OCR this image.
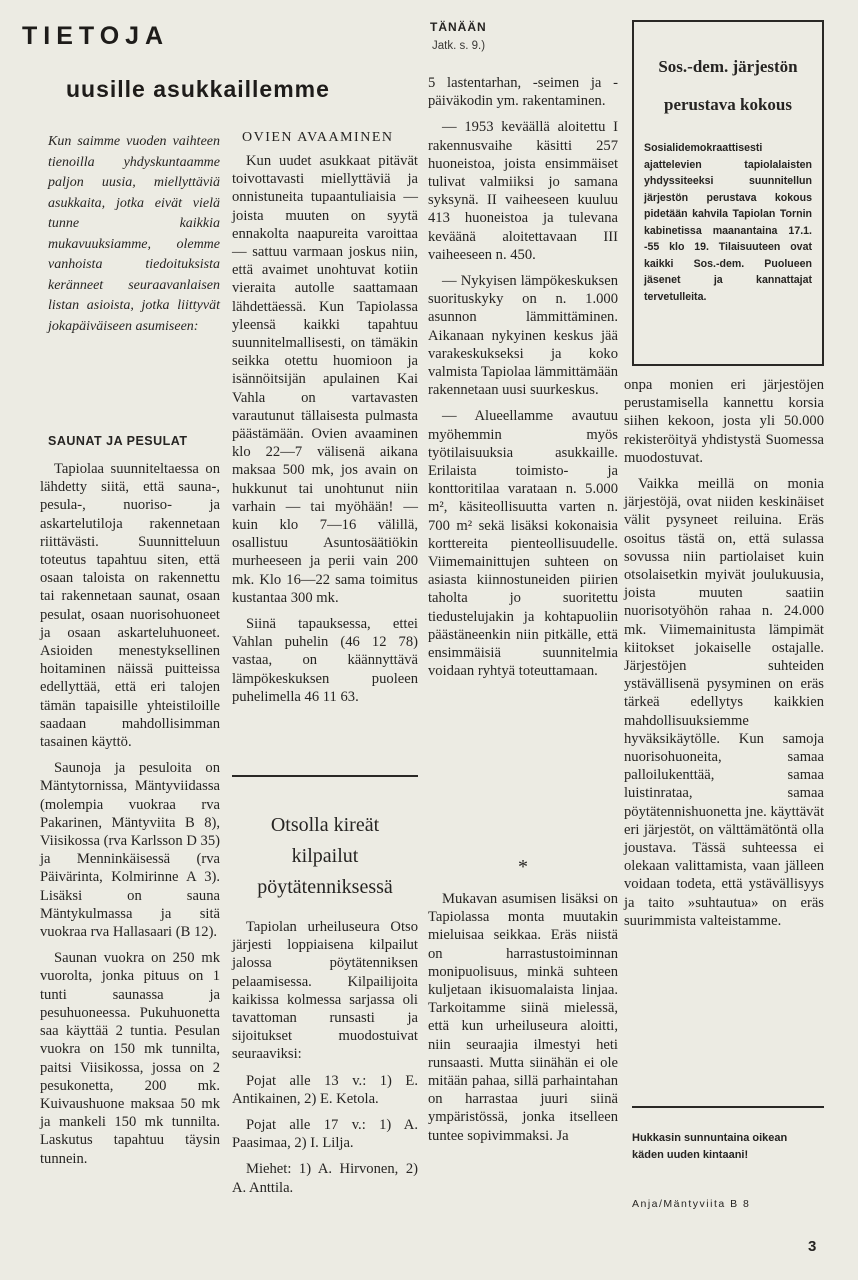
TIETOJA
uusille asukkaillemme

Kun saimme vuoden vaihteen tienoilla yhdyskuntaamme paljon uusia, miellyttäviä asukkaita, jotka eivät vielä tunne kaikkia mukavuuksiamme, olemme vanhoista tiedoituksista keränneet seuraavanlaisen listan asioista, jotka liittyvät jokapäiväiseen asumiseen:

SAUNAT JA PESULAT

Tapiolaa suunniteltaessa on lähdetty siitä, että sauna-, pesula-, nuoriso- ja askartelutiloja rakennetaan riittävästi. Suunnitteluun toteutus tapahtuu siten, että osaan taloista on rakennettu tai rakennetaan saunat, osaan pesulat, osaan nuorisohuoneet ja osaan askarteluhuoneet. Asioiden menestyksellinen hoitaminen näissä puitteissa edellyttää, että eri talojen tämän tapaisille yhteistiloille saadaan mahdollisimman tasainen käyttö.

Saunoja ja pesuloita on Mäntytornissa, Mäntyviidassa (molempia vuokraa rva Pakarinen, Mäntyviita B 8), Viisikossa (rva Karlsson D 35) ja Menninkäisessä (rva Päivärinta, Kolmirinne A 3). Lisäksi on sauna Mäntykulmassa ja sitä vuokraa rva Hallasaari (B 12).

Saunan vuokra on 250 mk vuorolta, jonka pituus on 1 tunti saunassa ja pesuhuoneessa. Pukuhuonetta saa käyttää 2 tuntia. Pesulan vuokra on 150 mk tunnilta, paitsi Viisikossa, jossa on 2 pesukonetta, 200 mk. Kuivaushuone maksaa 50 mk ja mankeli 150 mk tunnilta. Laskutus tapahtuu täysin tunnein.

OVIEN AVAAMINEN

Kun uudet asukkaat pitävät toivottavasti miellyttäviä ja onnistuneita tupaantuliaisia — joista muuten on syytä ennakolta naapureita varoittaa — sattuu varmaan joskus niin, että avaimet unohtuvat kotiin vieraita autolle saattamaan lähdettäessä. Kun Tapiolassa yleensä kaikki tapahtuu suunnitelmallisesti, on tämäkin seikka otettu huomioon ja isännöitsijän apulainen Kai Vahla on vartavasten varautunut tällaisesta pulmasta päästämään. Ovien avaaminen klo 22—7 välisenä aikana maksaa 500 mk, jos avain on hukkunut tai unohtunut niin varhain — tai myöhään! — kuin klo 7—16 välillä, osallistuu Asuntosäätiökin murheeseen ja perii vain 200 mk. Klo 16—22 sama toimitus kustantaa 300 mk.

Siinä tapauksessa, ettei Vahlan puhelin (46 12 78) vastaa, on käännyttävä lämpökeskuksen puoleen puhelimella 46 11 63.

Otsolla kireät
kilpailut
pöytätenniksessä

Tapiolan urheiluseura Otso järjesti loppiaisena kilpailut jalossa pöytätenniksen pelaamisessa. Kilpailijoita kaikissa kolmessa sarjassa oli tavattoman runsasti ja sijoitukset muodostuivat seuraaviksi:

Pojat alle 13 v.: 1) E. Antikainen, 2) E. Ketola.

Pojat alle 17 v.: 1) A. Paasimaa, 2) I. Lilja.

Miehet: 1) A. Hirvonen, 2) A. Anttila.

TÄNÄÄN
Jatk. s. 9.)

5 lastentarhan, -seimen ja -päiväkodin ym. rakentaminen.

— 1953 keväällä aloitettu I rakennusvaihe käsitti 257 huoneistoa, joista ensimmäiset tulivat valmiiksi jo samana syksynä. II vaiheeseen kuuluu 413 huoneistoa ja tulevana keväänä aloitettavaan III vaiheeseen n. 450.

— Nykyisen lämpökeskuksen suorituskyky on n. 1.000 asunnon lämmittäminen. Aikanaan nykyinen keskus jää varakeskukseksi ja koko valmista Tapiolaa lämmittämään rakennetaan uusi suurkeskus.

— Alueellamme avautuu myöhemmin myös työtilaisuuksia asukkaille. Erilaista toimisto- ja konttoritilaa varataan n. 5.000 m², käsiteollisuutta varten n. 700 m² sekä lisäksi kokonaisia korttereita pienteollisuudelle. Viimemainittujen suhteen on asiasta kiinnostuneiden piirien taholta jo suoritettu tiedustelujakin ja kohtapuoliin päästäneenkin niin pitkälle, että ensimmäisiä suunnitelmia voidaan ryhtyä toteuttamaan.

*

Mukavan asumisen lisäksi on Tapiolassa monta muutakin mieluisaa seikkaa. Eräs niistä on harrastustoiminnan monipuolisuus, minkä suhteen kuljetaan ikisuomalaista linjaa. Tarkoitamme siinä mielessä, että kun urheiluseura aloitti, niin seuraajia ilmestyi heti runsaasti. Mutta siinähän ei ole mitään pahaa, sillä parhaintahan on harrastaa juuri siinä ympäristössä, jonka itselleen tuntee sopivimmaksi. Ja

Sos.-dem. järjestön
perustava kokous
Sosialidemokraattisesti ajattelevien tapiolalaisten yhdyssiteeksi suunnitellun järjestön perustava kokous pidetään kahvila Tapiolan Tornin kabinetissa maanantaina 17.1. -55 klo 19. Tilaisuuteen ovat kaikki Sos.-dem. Puolueen jäsenet ja kannattajat tervetulleita.

onpa monien eri järjestöjen perustamisella kannettu korsia siihen kekoon, josta yli 50.000 rekisteröityä yhdistystä Suomessa muodostuvat.

Vaikka meillä on monia järjestöjä, ovat niiden keskinäiset välit pysyneet reiluina. Eräs osoitus tästä on, että sulassa sovussa niin partiolaiset kuin otsolaisetkin myivät joulukuusia, joista muuten saatiin nuorisotyöhön rahaa n. 24.000 mk. Viimemainitusta lämpimät kiitokset jokaiselle ostajalle. Järjestöjen suhteiden ystävällisenä pysyminen on eräs tärkeä edellytys kaikkien mahdollisuuksiemme hyväksikäytölle. Kun samoja nuorisohuoneita, samaa palloilukenttää, samaa luistinrataa, samaa pöytätennishuonetta jne. käyttävät eri järjestöt, on välttämätöntä olla joustava. Tässä suhteessa ei olekaan valittamista, vaan jälleen voidaan todeta, että ystävällisyys ja taito »suhtautua» on eräs suurimmista valteistamme.

Hukkasin sunnuntaina oikean käden uuden kintaani!
Anja/Mäntyviita B 8
3
